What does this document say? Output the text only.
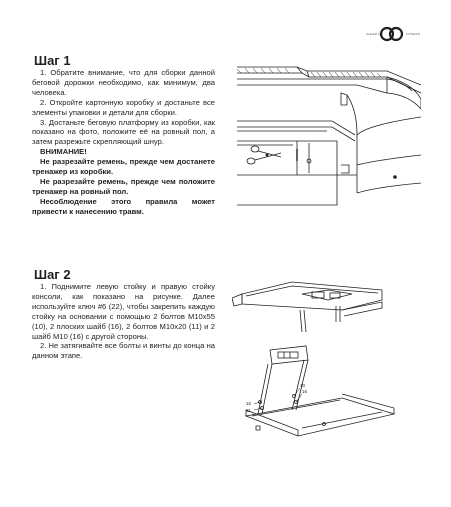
CLEAR FIT	FITNESS
Шаг 1

1. Обратите внимание, что для сборки данной беговой дорожки необходимо, как минимум, два человека.

2. Откройте картонную коробку и достаньте все элементы упаковки и детали для сборки.

3. Достаньте беговую платформу из коробки, как показано на фото, положите её на ровный пол, а затем разрежьте скрепляющий шнур.

ВНИМАНИЕ!

Не разрезайте ремень, прежде чем достанете тренажер из коробки.

Не разрезайте ремень, прежде чем положите тренажер на ровный пол.

Несоблюдение этого правила может привести к нанесению травм.

Шаг 2

1. Поднимите левую стойку и правую стойку консоли, как показано на рисунке. Далее используйте ключ #6 (22), чтобы закрепить каждую стойку на основании с помощью 2 болтов M10x55 (10), 2 плоских шайб (16), 2 болтов M10x20 (11) и 2 шайб M10 (16) с другой стороны.

2. Не затягивайте все болты и винты до конца на данном этапе.

16
11
10
16
